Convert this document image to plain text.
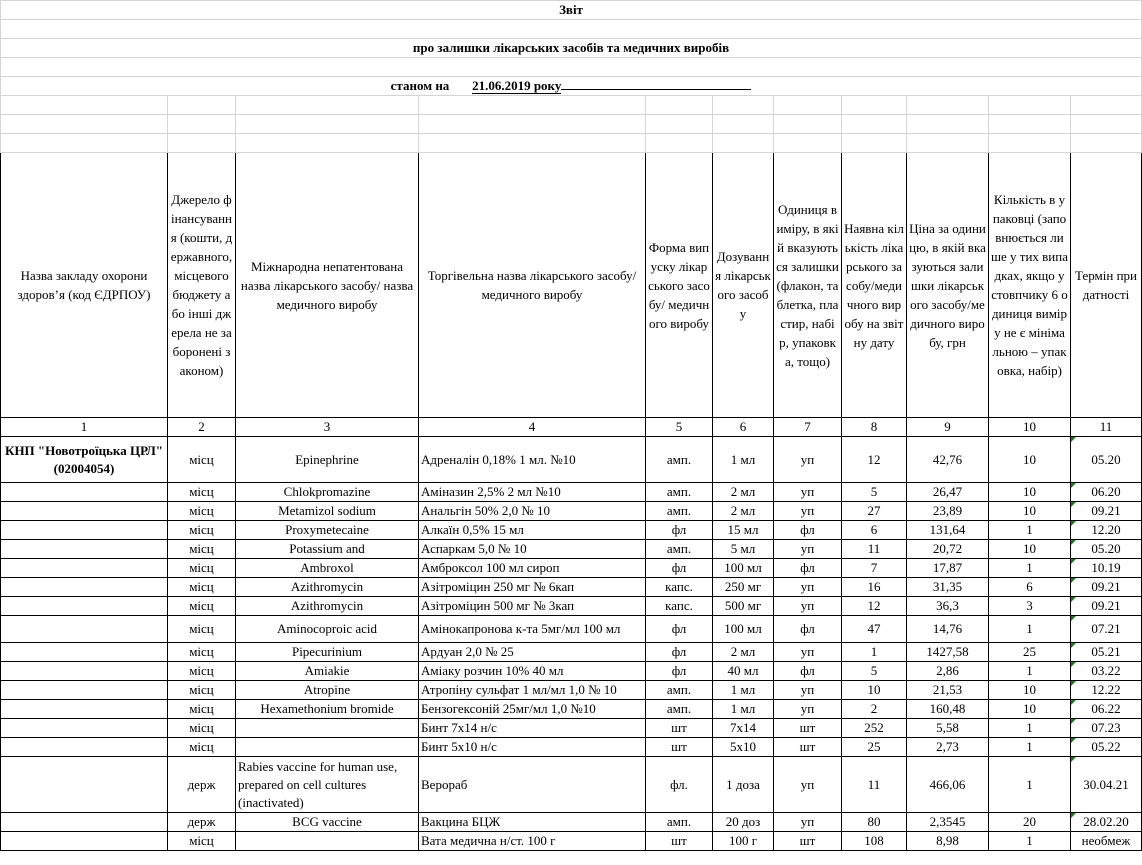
Звіт										

про залишки лікарських засобів та медичних виробів										

станом на 21.06.2019 року										

Назва закладу охорони здоров’я (код ЄДРПОУ)	Джерело фінансування (кошти, державного, місцевого бюджету або інші джерела не заборонені законом)	Міжнародна непатентована назва лікарського засобу/ назва медичного виробу	Торгівельна назва лікарського засобу/ медичного виробу	Форма випуску лікарського засобу/ медичного виробу	Дозування лікарського засобу	Одиниця виміру, в якій вказуються залишки (флакон, таблетка, пластир, набір, упаковка, тощо)	Наявна кількість лікарського засобу/медичного виробу на звітну дату	Ціна за одиницю, в якій вказуються залишки лікарського засобу/медичного виробу, грн	Кількість в упаковці (заповнюється лише у тих випадках, якщо у стовпчику 6 одиниця виміру не є мінімальною – упаковка, набір)	Термін придатності
1	2	3	4	5	6	7	8	9	10	11
КНП "Новотроїцька ЦРЛ" (02004054)	місц	Epinephrine	Адреналін 0,18% 1 мл. №10	амп.	1 мл	уп	12	42,76	10	05.20
	місц	Chlokpromazine	Аміназин 2,5% 2 мл №10	амп.	2 мл	уп	5	26,47	10	06.20
	місц	Metamizol sodium	Анальгін 50% 2,0 № 10	амп.	2 мл	уп	27	23,89	10	09.21
	місц	Proxymetecaine	Алкаїн 0,5% 15 мл	фл	15 мл	фл	6	131,64	1	12.20
	місц	Potassium and	Аспаркам 5,0 № 10	амп.	5 мл	уп	11	20,72	10	05.20
	місц	Ambroxol	Амброксол 100 мл сироп	фл	100 мл	фл	7	17,87	1	10.19
	місц	Azithromycin	Азітроміцин 250 мг № 6кап	капс.	250 мг	уп	16	31,35	6	09.21
	місц	Azithromycin	Азітроміцин 500 мг № 3кап	капс.	500 мг	уп	12	36,3	3	09.21
	місц	Aminocoproic acid	Амінокапронова к-та 5мг/мл 100 мл	фл	100 мл	фл	47	14,76	1	07.21
	місц	Pipecurinium	Ардуан 2,0 № 25	фл	2 мл	уп	1	1427,58	25	05.21
	місц	Amiakie	Аміаку розчин 10% 40 мл	фл	40 мл	фл	5	2,86	1	03.22
	місц	Atropine	Атропіну сульфат 1 мл/мл 1,0 № 10	амп.	1 мл	уп	10	21,53	10	12.22
	місц	Hexamethonium bromide	Бензогексоній 25мг/мл 1,0 №10	амп.	1 мл	уп	2	160,48	10	06.22
	місц		Бинт 7х14 н/с	шт	7х14	шт	252	5,58	1	07.23
	місц		Бинт 5х10 н/с	шт	5х10	шт	25	2,73	1	05.22
	держ	Rabies vaccine for human use, prepared on cell cultures (inactivated)	Верораб	фл.	1 доза	уп	11	466,06	1	30.04.21
	держ	BCG vaccine	Вакцина БЦЖ	амп.	20 доз	уп	80	2,3545	20	28.02.20
	місц		Вата медична н/ст. 100 г	шт	100 г	шт	108	8,98	1	необмеж
